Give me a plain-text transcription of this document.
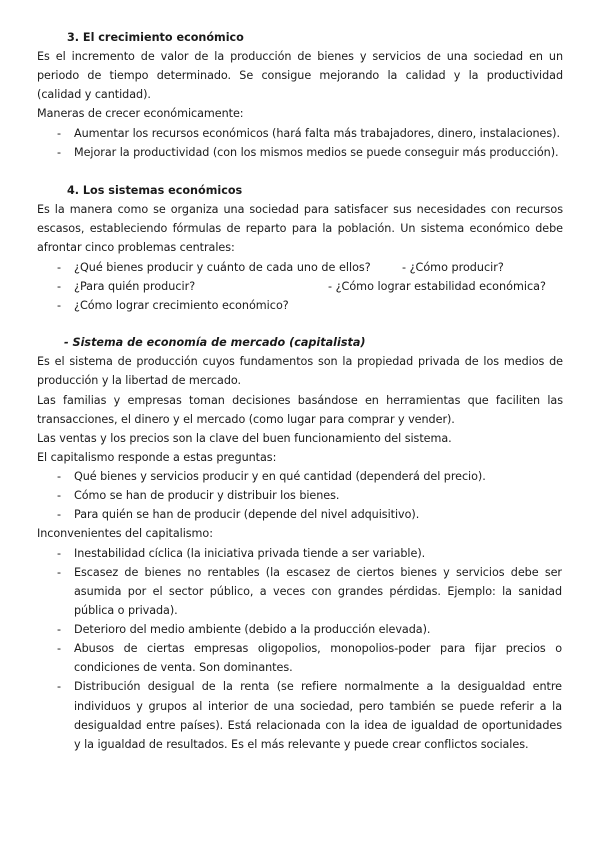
3. El crecimiento económico
Es el incremento de valor de la producción de bienes y servicios de una sociedad en un
periodo de tiempo determinado. Se consigue mejorando la calidad y la productividad
(calidad y cantidad).
Maneras de crecer económicamente:
- Aumentar los recursos económicos (hará falta más trabajadores, dinero, instalaciones).
- Mejorar la productividad (con los mismos medios se puede conseguir más producción).
4. Los sistemas económicos
Es la manera como se organiza una sociedad para satisfacer sus necesidades con recursos
escasos, estableciendo fórmulas de reparto para la población. Un sistema económico debe
afrontar cinco problemas centrales:
- ¿Qué bienes producir y cuánto de cada uno de ellos?	- ¿Cómo producir?
- ¿Para quién producir?	- ¿Cómo lograr estabilidad económica?
- ¿Cómo lograr crecimiento económico?
- Sistema de economía de mercado (capitalista)
Es el sistema de producción cuyos fundamentos son la propiedad privada de los medios de
producción y la libertad de mercado.
Las familias y empresas toman decisiones basándose en herramientas que faciliten las
transacciones, el dinero y el mercado (como lugar para comprar y vender).
Las ventas y los precios son la clave del buen funcionamiento del sistema.
El capitalismo responde a estas preguntas:
- Qué bienes y servicios producir y en qué cantidad (dependerá del precio).
- Cómo se han de producir y distribuir los bienes.
- Para quién se han de producir (depende del nivel adquisitivo).
Inconvenientes del capitalismo:
- Inestabilidad cíclica (la iniciativa privada tiende a ser variable).
- Escasez de bienes no rentables (la escasez de ciertos bienes y servicios debe ser
asumida por el sector público, a veces con grandes pérdidas. Ejemplo: la sanidad
pública o privada).
- Deterioro del medio ambiente (debido a la producción elevada).
- Abusos de ciertas empresas oligopolios, monopolios-poder para fijar precios o
condiciones de venta. Son dominantes.
- Distribución desigual de la renta (se refiere normalmente a la desigualdad entre
individuos y grupos al interior de una sociedad, pero también se puede referir a la
desigualdad entre países). Está relacionada con la idea de igualdad de oportunidades
y la igualdad de resultados. Es el más relevante y puede crear conflictos sociales.
